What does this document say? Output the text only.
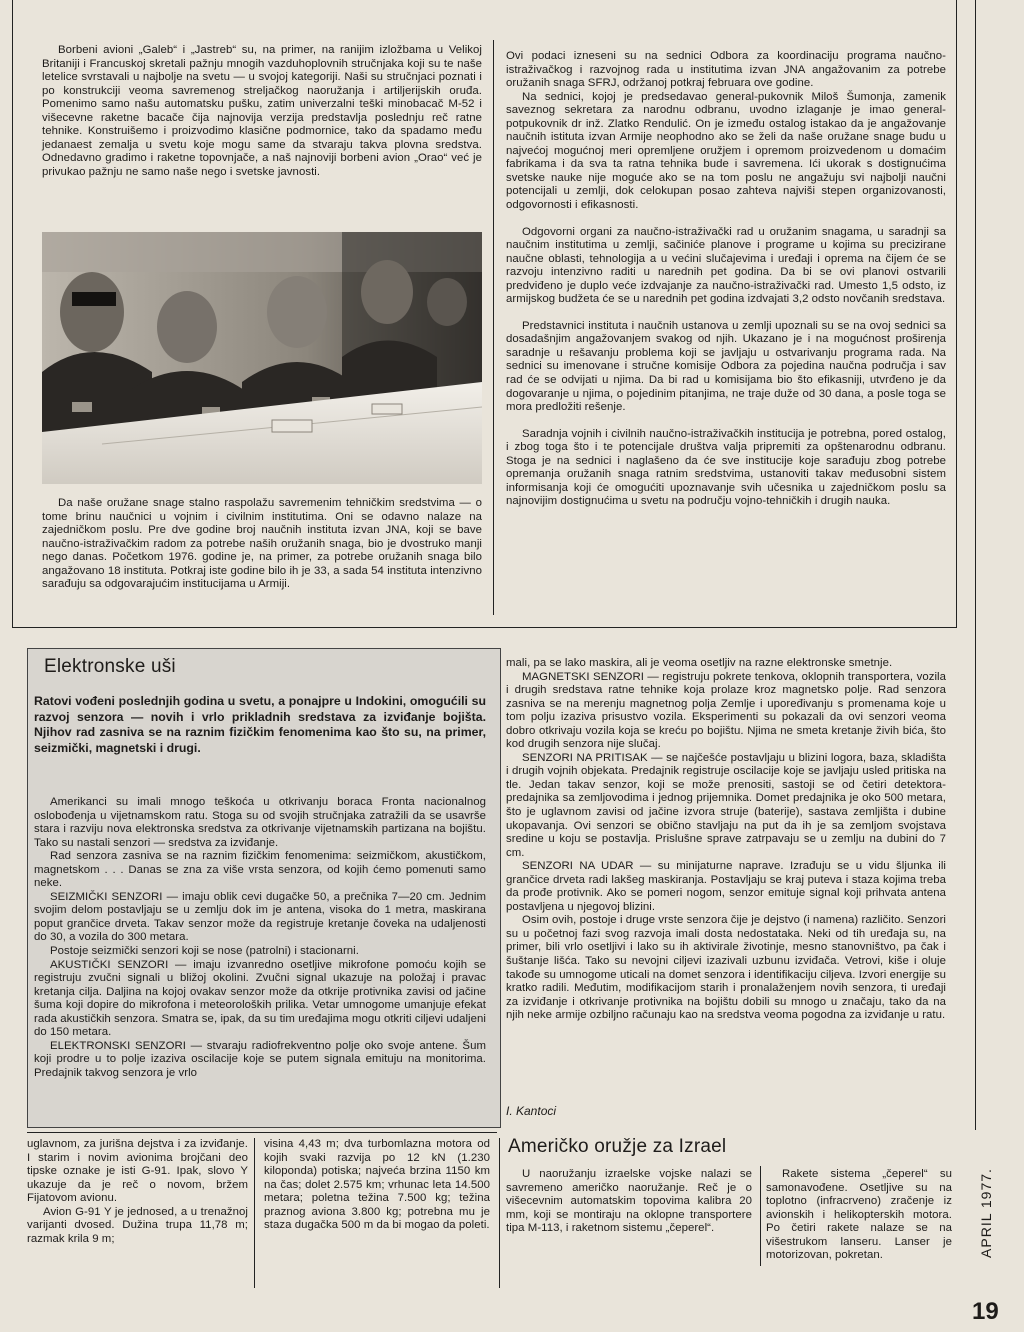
Borbeni avioni „Galeb“ i „Jastreb“ su, na primer, na ranijim izložbama u Velikoj Britaniji i Francuskoj skretali pažnju mnogih vazduhoplovnih stručnjaka koji su te naše letelice svrstavali u najbolje na svetu — u svojoj kategoriji. Naši su stručnjaci poznati i po konstrukciji veoma savremenog streljačkog naoružanja i artiljerijskih oruđa. Pomenimo samo našu automatsku pušku, zatim univerzalni teški minobacač M-52 i višecevne raketne bacače čija najnovija verzija predstavlja poslednju reč ratne tehnike. Konstruišemo i proizvodimo klasične podmornice, tako da spadamo među jedanaest zemalja u svetu koje mogu same da stvaraju takva plovna sredstva. Odnedavno gradimo i raketne topovnjače, a naš najnoviji borbeni avion „Orao“ već je privukao pažnju ne samo naše nego i svetske javnosti.

Da naše oružane snage stalno raspolažu savremenim tehničkim sredstvima — o tome brinu naučnici u vojnim i civilnim institutima. Oni se odavno nalaze na zajedničkom poslu. Pre dve godine broj naučnih instituta izvan JNA, koji se bave naučno-istraživačkim radom za potrebe naših oružanih snaga, bio je dvostruko manji nego danas. Početkom 1976. godine je, na primer, za potrebe oružanih snaga bilo angažovano 18 instituta. Potkraj iste godine bilo ih je 33, a sada 54 instituta intenzivno sarađuju sa odgovarajućim institucijama u Armiji.

Ovi podaci izneseni su na sednici Odbora za koordinaciju programa naučno-istraživačkog i razvojnog rada u institutima izvan JNA angažovanim za potrebe oružanih snaga SFRJ, održanoj potkraj februara ove godine.

Na sednici, kojoj je predsedavao general-pukovnik Miloš Šumonja, zamenik saveznog sekretara za narodnu odbranu, uvodno izlaganje je imao general-potpukovnik dr inž. Zlatko Rendulić. On je između ostalog istakao da je angažovanje naučnih istituta izvan Armije neophodno ako se želi da naše oružane snage budu u najvećoj mogućnoj meri opremljene oružjem i opremom proizvedenom u domaćim fabrikama i da sva ta ratna tehnika bude i savremena. Ići ukorak s dostignućima svetske nauke nije moguće ako se na tom poslu ne angažuju svi najbolji naučni potencijali u zemlji, dok celokupan posao zahteva najviši stepen organizovanosti, odgovornosti i efikasnosti.

Odgovorni organi za naučno-istraživački rad u oružanim snagama, u saradnji sa naučnim institutima u zemlji, sačiniće planove i programe u kojima su precizirane naučne oblasti, tehnologija a u većini slučajevima i uređaji i oprema na čijem će se razvoju intenzivno raditi u narednih pet godina. Da bi se ovi planovi ostvarili predviđeno je duplo veće izdvajanje za naučno-istraživački rad. Umesto 1,5 odsto, iz armijskog budžeta će se u narednih pet godina izdvajati 3,2 odsto novčanih sredstava.

Predstavnici instituta i naučnih ustanova u zemlji upoznali su se na ovoj sednici sa dosadašnjim angažovanjem svakog od njih. Ukazano je i na mogućnost proširenja saradnje u rešavanju problema koji se javljaju u ostvarivanju programa rada. Na sednici su imenovane i stručne komisije Odbora za pojedina naučna područja i sav rad će se odvijati u njima. Da bi rad u komisijama bio što efikasniji, utvrđeno je da dogovaranje u njima, o pojedinim pitanjima, ne traje duže od 30 dana, a posle toga se mora predložiti rešenje.

Saradnja vojnih i civilnih naučno-istraživačkih institucija je potrebna, pored ostalog, i zbog toga što i te potencijale društva valja pripremiti za opštenarodnu odbranu. Stoga je na sednici i naglašeno da će sve institucije koje sarađuju zbog potrebe opremanja oružanih snaga ratnim sredstvima, ustanoviti takav međusobni sistem informisanja koji će omogućiti upoznavanje svih učesnika u zajedničkom poslu sa najnovijim dostignućima u svetu na području vojno-tehničkih i drugih nauka.

Elektronske uši
Ratovi vođeni poslednjih godina u svetu, a ponajpre u Indokini, omogućili su razvoj senzora — novih i vrlo prikladnih sredstava za izviđanje bojišta. Njihov rad zasniva se na raznim fizičkim fenomenima kao što su, na primer, seizmički, magnetski i drugi.

Amerikanci su imali mnogo teškoća u otkrivanju boraca Fronta nacionalnog oslobođenja u vijetnamskom ratu. Stoga su od svojih stručnjaka zatražili da se usavrše stara i razviju nova elektronska sredstva za otkrivanje vijetnamskih partizana na bojištu. Tako su nastali senzori — sredstva za izviđanje.

Rad senzora zasniva se na raznim fizičkim fenomenima: seizmičkom, akustičkom, magnetskom . . . Danas se zna za više vrsta senzora, od kojih ćemo pomenuti samo neke.

SEIZMIČKI SENZORI — imaju oblik cevi dugačke 50, a prečnika 7—20 cm. Jednim svojim delom postavljaju se u zemlju dok im je antena, visoka do 1 metra, maskirana poput grančice drveta. Takav senzor može da registruje kretanje čoveka na udaljenosti do 30, a vozila do 300 metara.

Postoje seizmički senzori koji se nose (patrolni) i stacionarni.

AKUSTIČKI SENZORI — imaju izvanredno osetljive mikrofone pomoću kojih se registruju zvučni signali u bližoj okolini. Zvučni signal ukazuje na položaj i pravac kretanja cilja. Daljina na kojoj ovakav senzor može da otkrije protivnika zavisi od jačine šuma koji dopire do mikrofona i meteoroloških prilika. Vetar umnogome umanjuje efekat rada akustičkih senzora. Smatra se, ipak, da su tim uređajima mogu otkriti ciljevi udaljeni do 150 metara.

ELEKTRONSKI SENZORI — stvaraju radiofrekventno polje oko svoje antene. Šum koji prodre u to polje izaziva oscilacije koje se putem signala emituju na monitorima. Predajnik takvog senzora je vrlo

mali, pa se lako maskira, ali je veoma osetljiv na razne elektronske smetnje.

MAGNETSKI SENZORI — registruju pokrete tenkova, oklopnih transportera, vozila i drugih sredstava ratne tehnike koja prolaze kroz magnetsko polje. Rad senzora zasniva se na merenju magnetnog polja Zemlje i upoređivanju s promenama koje u tom polju izaziva prisustvo vozila. Eksperimenti su pokazali da ovi senzori veoma dobro otkrivaju vozila koja se kreću po bojištu. Njima ne smeta kretanje živih bića, što kod drugih senzora nije slučaj.

SENZORI NA PRITISAK — se najčešće postavljaju u blizini logora, baza, skladišta i drugih vojnih objekata. Predajnik registruje oscilacije koje se javljaju usled pritiska na tle. Jedan takav senzor, koji se može prenositi, sastoji se od četiri detektora-predajnika sa zemljovodima i jednog prijemnika. Domet predajnika je oko 500 metara, što je uglavnom zavisi od jačine izvora struje (baterije), sastava zemljišta i dubine ukopavanja. Ovi senzori se obično stavljaju na put da ih je sa zemljom svojstava sredine u koju se postavlja. Prislušne sprave zatrpavaju se u zemlju na dubini do 7 cm.

SENZORI NA UDAR — su minijaturne naprave. Izrađuju se u vidu šljunka ili grančice drveta radi lakšeg maskiranja. Postavljaju se kraj puteva i staza kojima treba da prođe protivnik. Ako se pomeri nogom, senzor emituje signal koji prihvata antena postavljena u njegovoj blizini.

Osim ovih, postoje i druge vrste senzora čije je dejstvo (i namena) različito. Senzori su u početnoj fazi svog razvoja imali dosta nedostataka. Neki od tih uređaja su, na primer, bili vrlo osetljivi i lako su ih aktivirale životinje, mesno stanovništvo, pa čak i šuštanje lišća. Tako su nevojni ciljevi izazivali uzbunu izviđača. Vetrovi, kiše i oluje takođe su umnogome uticali na domet senzora i identifikaciju ciljeva. Izvori energije su kratko radili. Međutim, modifikacijom starih i pronalaženjem novih senzora, ti uređaji za izviđanje i otkrivanje protivnika na bojištu dobili su mnogo u značaju, tako da na njih neke armije ozbiljno računaju kao na sredstva veoma pogodna za izviđanje u ratu.

I. Kantoci

uglavnom, za jurišna dejstva i za izviđanje. I starim i novim avionima brojčani deo tipske oznake je isti G-91. Ipak, slovo Y ukazuje da je reč o novom, bržem Fijatovom avionu.

Avion G-91 Y je jednosed, a u trenažnoj varijanti dvosed. Dužina trupa 11,78 m; razmak krila 9 m;

visina 4,43 m; dva turbomlazna motora od kojih svaki razvija po 12 kN (1.230 kiloponda) potiska; najveća brzina 1150 km na čas; dolet 2.575 km; vrhunac leta 14.500 metara; poletna težina 7.500 kg; težina praznog aviona 3.800 kg; potrebna mu je staza dugačka 500 m da bi mogao da poleti.

Američko oružje za Izrael

U naoružanju izraelske vojske nalazi se savremeno američko naoružanje. Reč je o višecevnim automatskim topovima kalibra 20 mm, koji se montiraju na oklopne transportere tipa M-113, i raketnom sistemu „čeperel“.

Rakete sistema „čeperel“ su samonavođene. Osetljive su na toplotno (infracrveno) zračenje iz avionskih i helikopterskih motora. Po četiri rakete nalaze se na višestrukom lanseru. Lanser je motorizovan, pokretan.	APRIL 1977.
19
